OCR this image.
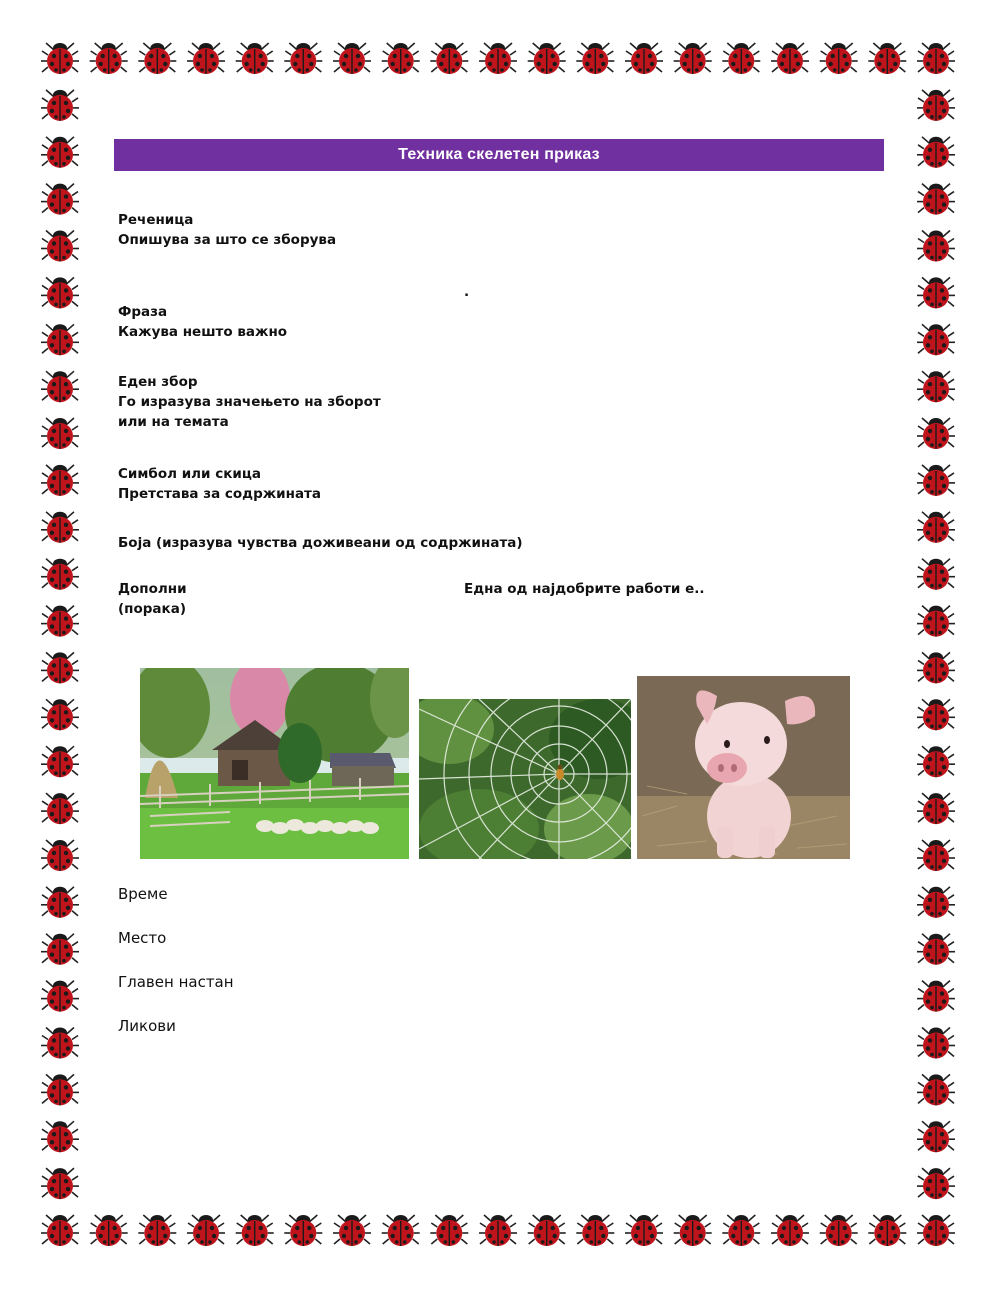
Техника скелетен приказ

Реченица

Опишува за што се зборува

.

Фраза

Кажува нешто важно

Еден збор

Го изразува значењето на зборот

или на темата

Симбол или скица

Претстава за содржината

Боја (изразува чувства доживеани од содржината)

Дополни

(порака)

Една од најдобрите работи е..

Време

Место

Главен настан

Ликови
